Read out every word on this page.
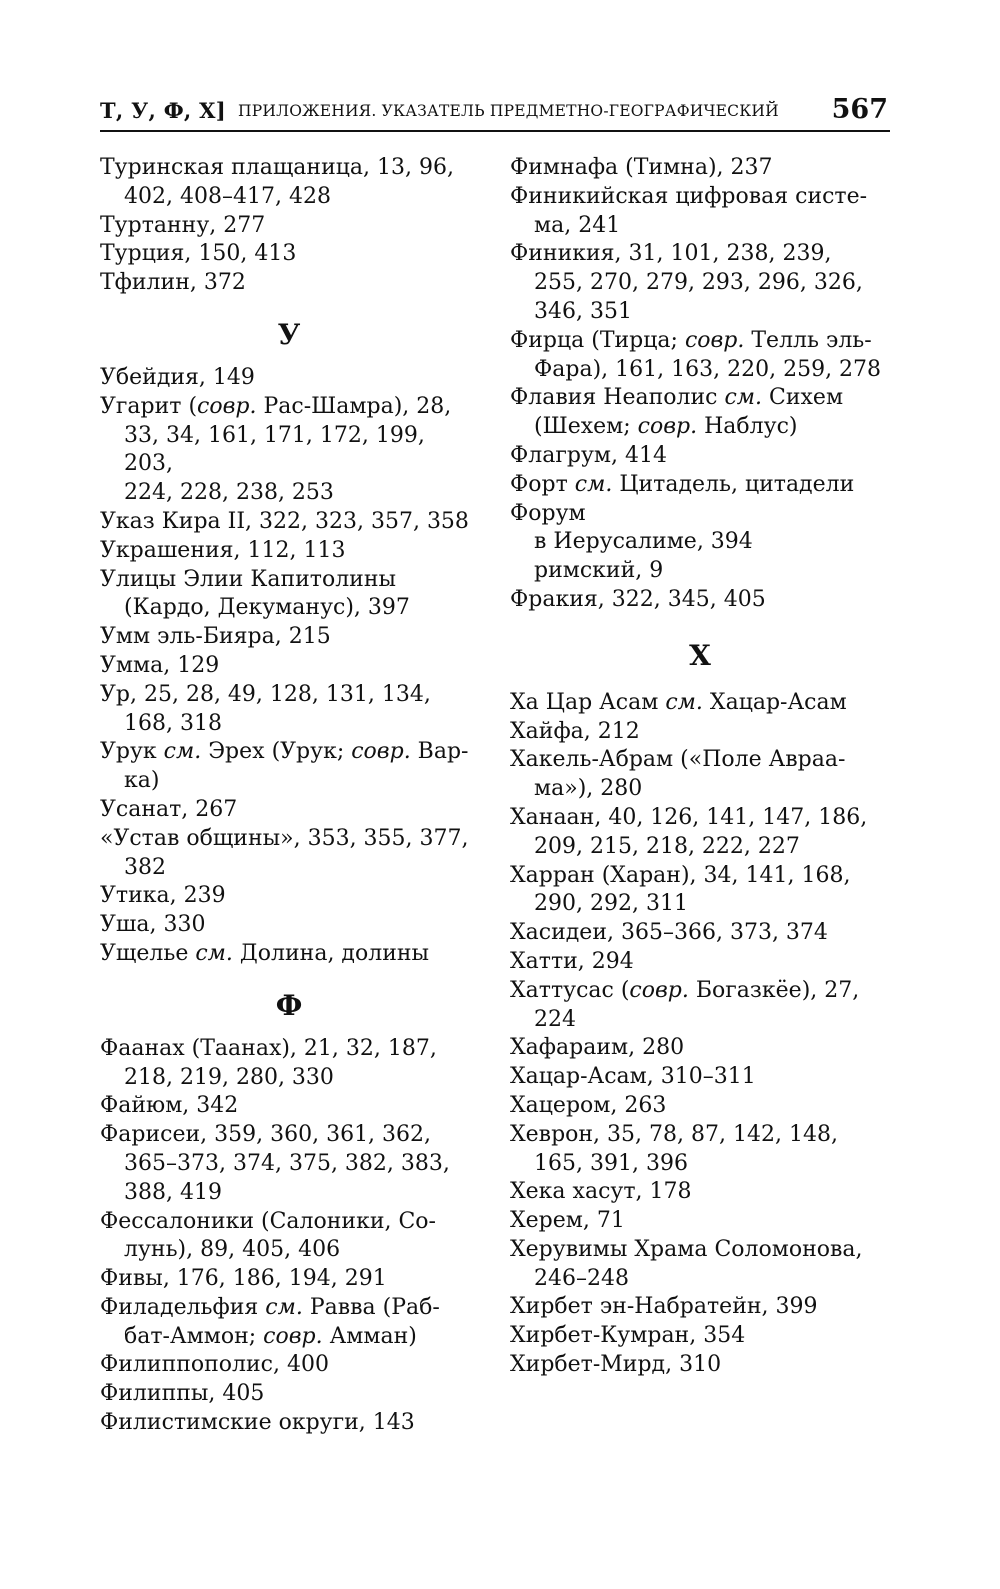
Т, У, Ф, Х] ПРИЛОЖЕНИЯ. УКАЗАТЕЛЬ ПРЕДМЕТНО-ГЕОГРАФИЧЕСКИЙ 567
Туринская плащаница, 13, 96,
402, 408–417, 428
Туртанну, 277
Турция, 150, 413
Тфилин, 372
У
Убейдия, 149
Угарит (совр. Рас-Шамра), 28,
33, 34, 161, 171, 172, 199, 203,
224, 228, 238, 253
Указ Кира II, 322, 323, 357, 358
Украшения, 112, 113
Улицы Элии Капитолины
(Кардо, Декуманус), 397
Умм эль-Бияра, 215
Умма, 129
Ур, 25, 28, 49, 128, 131, 134,
168, 318
Урук см. Эрех (Урук; совр. Вар-
ка)
Усанат, 267
«Устав общины», 353, 355, 377,
382
Утика, 239
Уша, 330
Ущелье см. Долина, долины
Ф
Фаанах (Таанах), 21, 32, 187,
218, 219, 280, 330
Файюм, 342
Фарисеи, 359, 360, 361, 362,
365–373, 374, 375, 382, 383,
388, 419
Фессалоники (Салоники, Со-
лунь), 89, 405, 406
Фивы, 176, 186, 194, 291
Филадельфия см. Равва (Раб-
бат-Аммон; совр. Амман)
Филиппополис, 400
Филиппы, 405
Филистимские округи, 143
Фимнафа (Тимна), 237
Финикийская цифровая систе-
ма, 241
Финикия, 31, 101, 238, 239,
255, 270, 279, 293, 296, 326,
346, 351
Фирца (Тирца; совр. Телль эль-
Фара), 161, 163, 220, 259, 278
Флавия Неаполис см. Сихем
(Шехем; совр. Наблус)
Флагрум, 414
Форт см. Цитадель, цитадели
Форум
в Иерусалиме, 394
римский, 9
Фракия, 322, 345, 405
Х
Ха Цар Асам см. Хацар-Асам
Хайфа, 212
Хакель-Абрам («Поле Авраа-
ма»), 280
Ханаан, 40, 126, 141, 147, 186,
209, 215, 218, 222, 227
Харран (Харан), 34, 141, 168,
290, 292, 311
Хасидеи, 365–366, 373, 374
Хатти, 294
Хаттусас (совр. Богазкёе), 27,
224
Хафараим, 280
Хацар-Асам, 310–311
Хацером, 263
Хеврон, 35, 78, 87, 142, 148,
165, 391, 396
Хека хасут, 178
Херем, 71
Херувимы Храма Соломонова,
246–248
Хирбет эн-Набратейн, 399
Хирбет-Кумран, 354
Хирбет-Мирд, 310
